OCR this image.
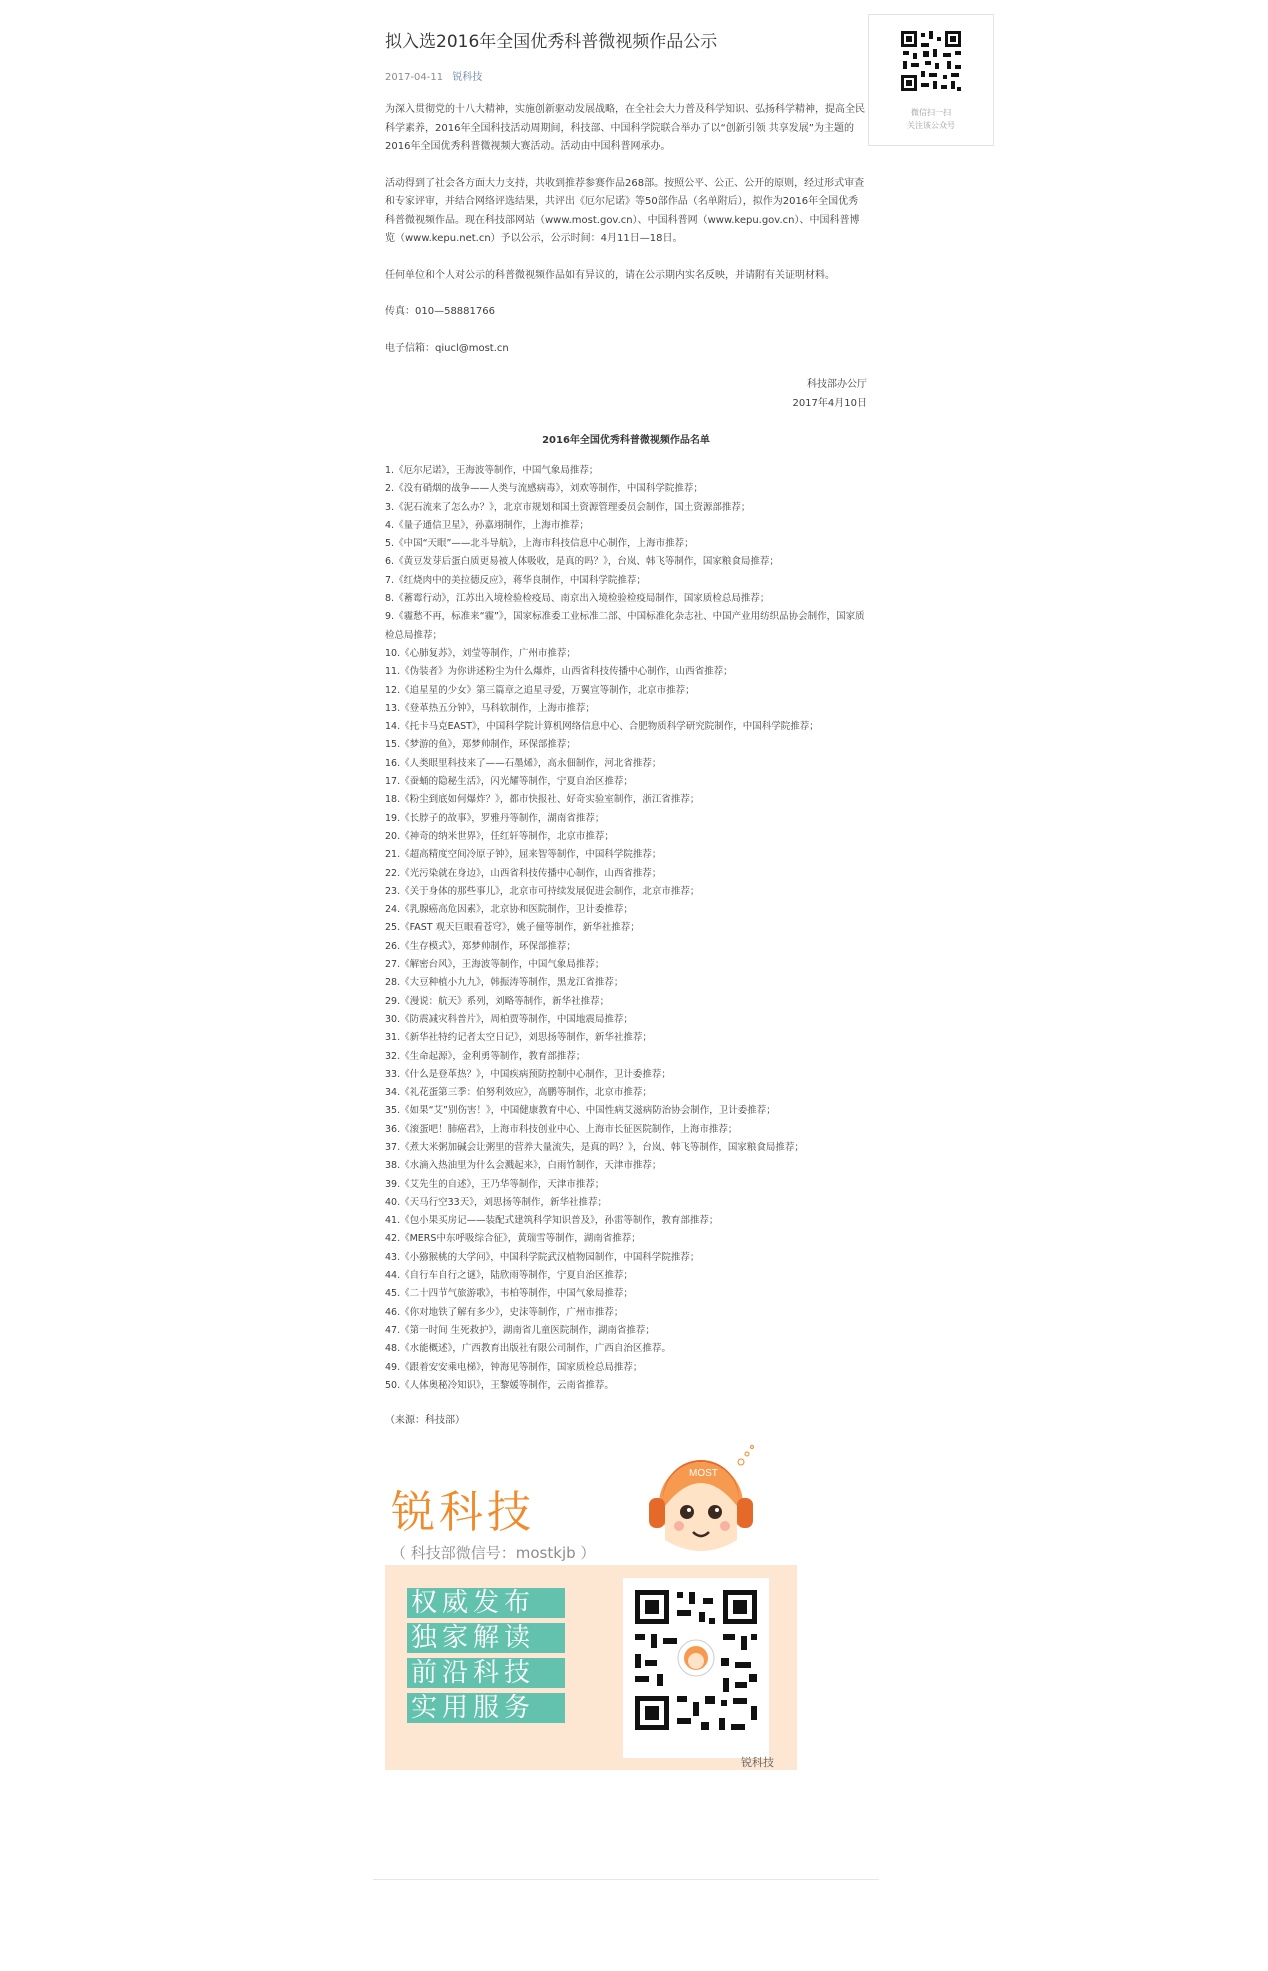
拟入选2016年全国优秀科普微视频作品公示
2017-04-11 锐科技

为深入贯彻党的十八大精神，实施创新驱动发展战略，在全社会大力普及科学知识、弘扬科学精神，提高全民科学素养，2016年全国科技活动周期间，科技部、中国科学院联合举办了以“创新引领 共享发展”为主题的2016年全国优秀科普微视频大赛活动。活动由中国科普网承办。

活动得到了社会各方面大力支持，共收到推荐参赛作品268部。按照公平、公正、公开的原则，经过形式审查和专家评审，并结合网络评选结果，共评出《厄尔尼诺》等50部作品（名单附后），拟作为2016年全国优秀科普微视频作品。现在科技部网站（www.most.gov.cn）、中国科普网（www.kepu.gov.cn）、中国科普博览（www.kepu.net.cn）予以公示，公示时间：4月11日—18日。

任何单位和个人对公示的科普微视频作品如有异议的，请在公示期内实名反映，并请附有关证明材料。

传真：010—58881766

电子信箱：qiucl@most.cn

科技部办公厅
2017年4月10日
2016年全国优秀科普微视频作品名单
1.《厄尔尼诺》，王海波等制作，中国气象局推荐；
2.《没有硝烟的战争——人类与流感病毒》，刘欢等制作，中国科学院推荐；
3.《泥石流来了怎么办？》，北京市规划和国土资源管理委员会制作，国土资源部推荐；
4.《量子通信卫星》，孙嘉翊制作，上海市推荐；
5.《中国“天眼”——北斗导航》，上海市科技信息中心制作，上海市推荐；
6.《黄豆发芽后蛋白质更易被人体吸收，是真的吗？》，台岚、韩飞等制作，国家粮食局推荐；
7.《红烧肉中的美拉德反应》，蒋华良制作，中国科学院推荐；
8.《蓄霉行动》，江苏出入境检验检疫局、南京出入境检验检疫局制作，国家质检总局推荐；
9.《霾愁不再，标准来“霾”》，国家标准委工业标准二部、中国标准化杂志社、中国产业用纺织品协会制作，国家质检总局推荐；
10.《心肺复苏》，刘莹等制作，广州市推荐；
11.《伪装者》为你讲述粉尘为什么爆炸，山西省科技传播中心制作，山西省推荐；
12.《追星星的少女》第三篇章之追星寻爱，万翼宣等制作，北京市推荐；
13.《登革热五分钟》，马科软制作，上海市推荐；
14.《托卡马克EAST》，中国科学院计算机网络信息中心、合肥物质科学研究院制作，中国科学院推荐；
15.《梦游的鱼》，郑梦帅制作，环保部推荐；
16.《人类眼里科技来了——石墨烯》，高永佃制作，河北省推荐；
17.《蚕蛹的隐秘生活》，闪光耀等制作，宁夏自治区推荐；
18.《粉尘到底如何爆炸？》，都市快报社、好奇实验室制作，浙江省推荐；
19.《长脖子的故事》，罗雅丹等制作，湖南省推荐；
20.《神奇的纳米世界》，任红轩等制作，北京市推荐；
21.《超高精度空间冷原子钟》，屈来智等制作，中国科学院推荐；
22.《光污染就在身边》，山西省科技传播中心制作，山西省推荐；
23.《关于身体的那些事儿》，北京市可持续发展促进会制作，北京市推荐；
24.《乳腺癌高危因素》，北京协和医院制作，卫计委推荐；
25.《FAST 观天巨眼看苍穹》，姚子僮等制作，新华社推荐；
26.《生存模式》，郑梦帅制作，环保部推荐；
27.《解密台风》，王海波等制作，中国气象局推荐；
28.《大豆种植小九九》，韩振涛等制作，黑龙江省推荐；
29.《漫说：航天》系列，刘略等制作，新华社推荐；
30.《防震减灾科普片》，周柏贾等制作，中国地震局推荐；
31.《新华社特约记者太空日记》，刘思扬等制作，新华社推荐；
32.《生命起源》，金利勇等制作，教育部推荐；
33.《什么是登革热？》，中国疾病预防控制中心制作，卫计委推荐；
34.《礼花蛋第三季：伯努利效应》，高鹏等制作，北京市推荐；
35.《如果“艾”别伤害！》，中国健康教育中心、中国性病艾滋病防治协会制作，卫计委推荐；
36.《滚蛋吧！肺癌君》，上海市科技创业中心、上海市长征医院制作，上海市推荐；
37.《煮大米粥加碱会让粥里的营养大量流失，是真的吗？》，台岚、韩飞等制作，国家粮食局推荐；
38.《水滴入热油里为什么会溅起来》，白雨竹制作，天津市推荐；
39.《艾先生的自述》，王乃华等制作，天津市推荐；
40.《天马行空33天》，刘思扬等制作，新华社推荐；
41.《包小果买房记——装配式建筑科学知识普及》，孙雷等制作，教育部推荐；
42.《MERS中东呼吸综合征》，黄瑞雪等制作，湖南省推荐；
43.《小猕猴桃的大学问》，中国科学院武汉植物园制作，中国科学院推荐；
44.《自行车自行之谜》，陆欣雨等制作，宁夏自治区推荐；
45.《二十四节气旅游歌》，韦柏等制作，中国气象局推荐；
46.《你对地铁了解有多少》，史沫等制作，广州市推荐；
47.《第一时间 生死救护》，湖南省儿童医院制作，湖南省推荐；
48.《水能概述》，广西教育出版社有限公司制作，广西自治区推荐。
49.《跟着安安乘电梯》，钟海见等制作，国家质检总局推荐；
50.《人体奥秘冷知识》，王黎媛等制作，云南省推荐。
（来源：科技部）
锐科技
（ 科技部微信号：mostkjb ）
MOST
权威发布
独家解读
前沿科技
实用服务
锐科技
微信扫一扫
关注该公众号
